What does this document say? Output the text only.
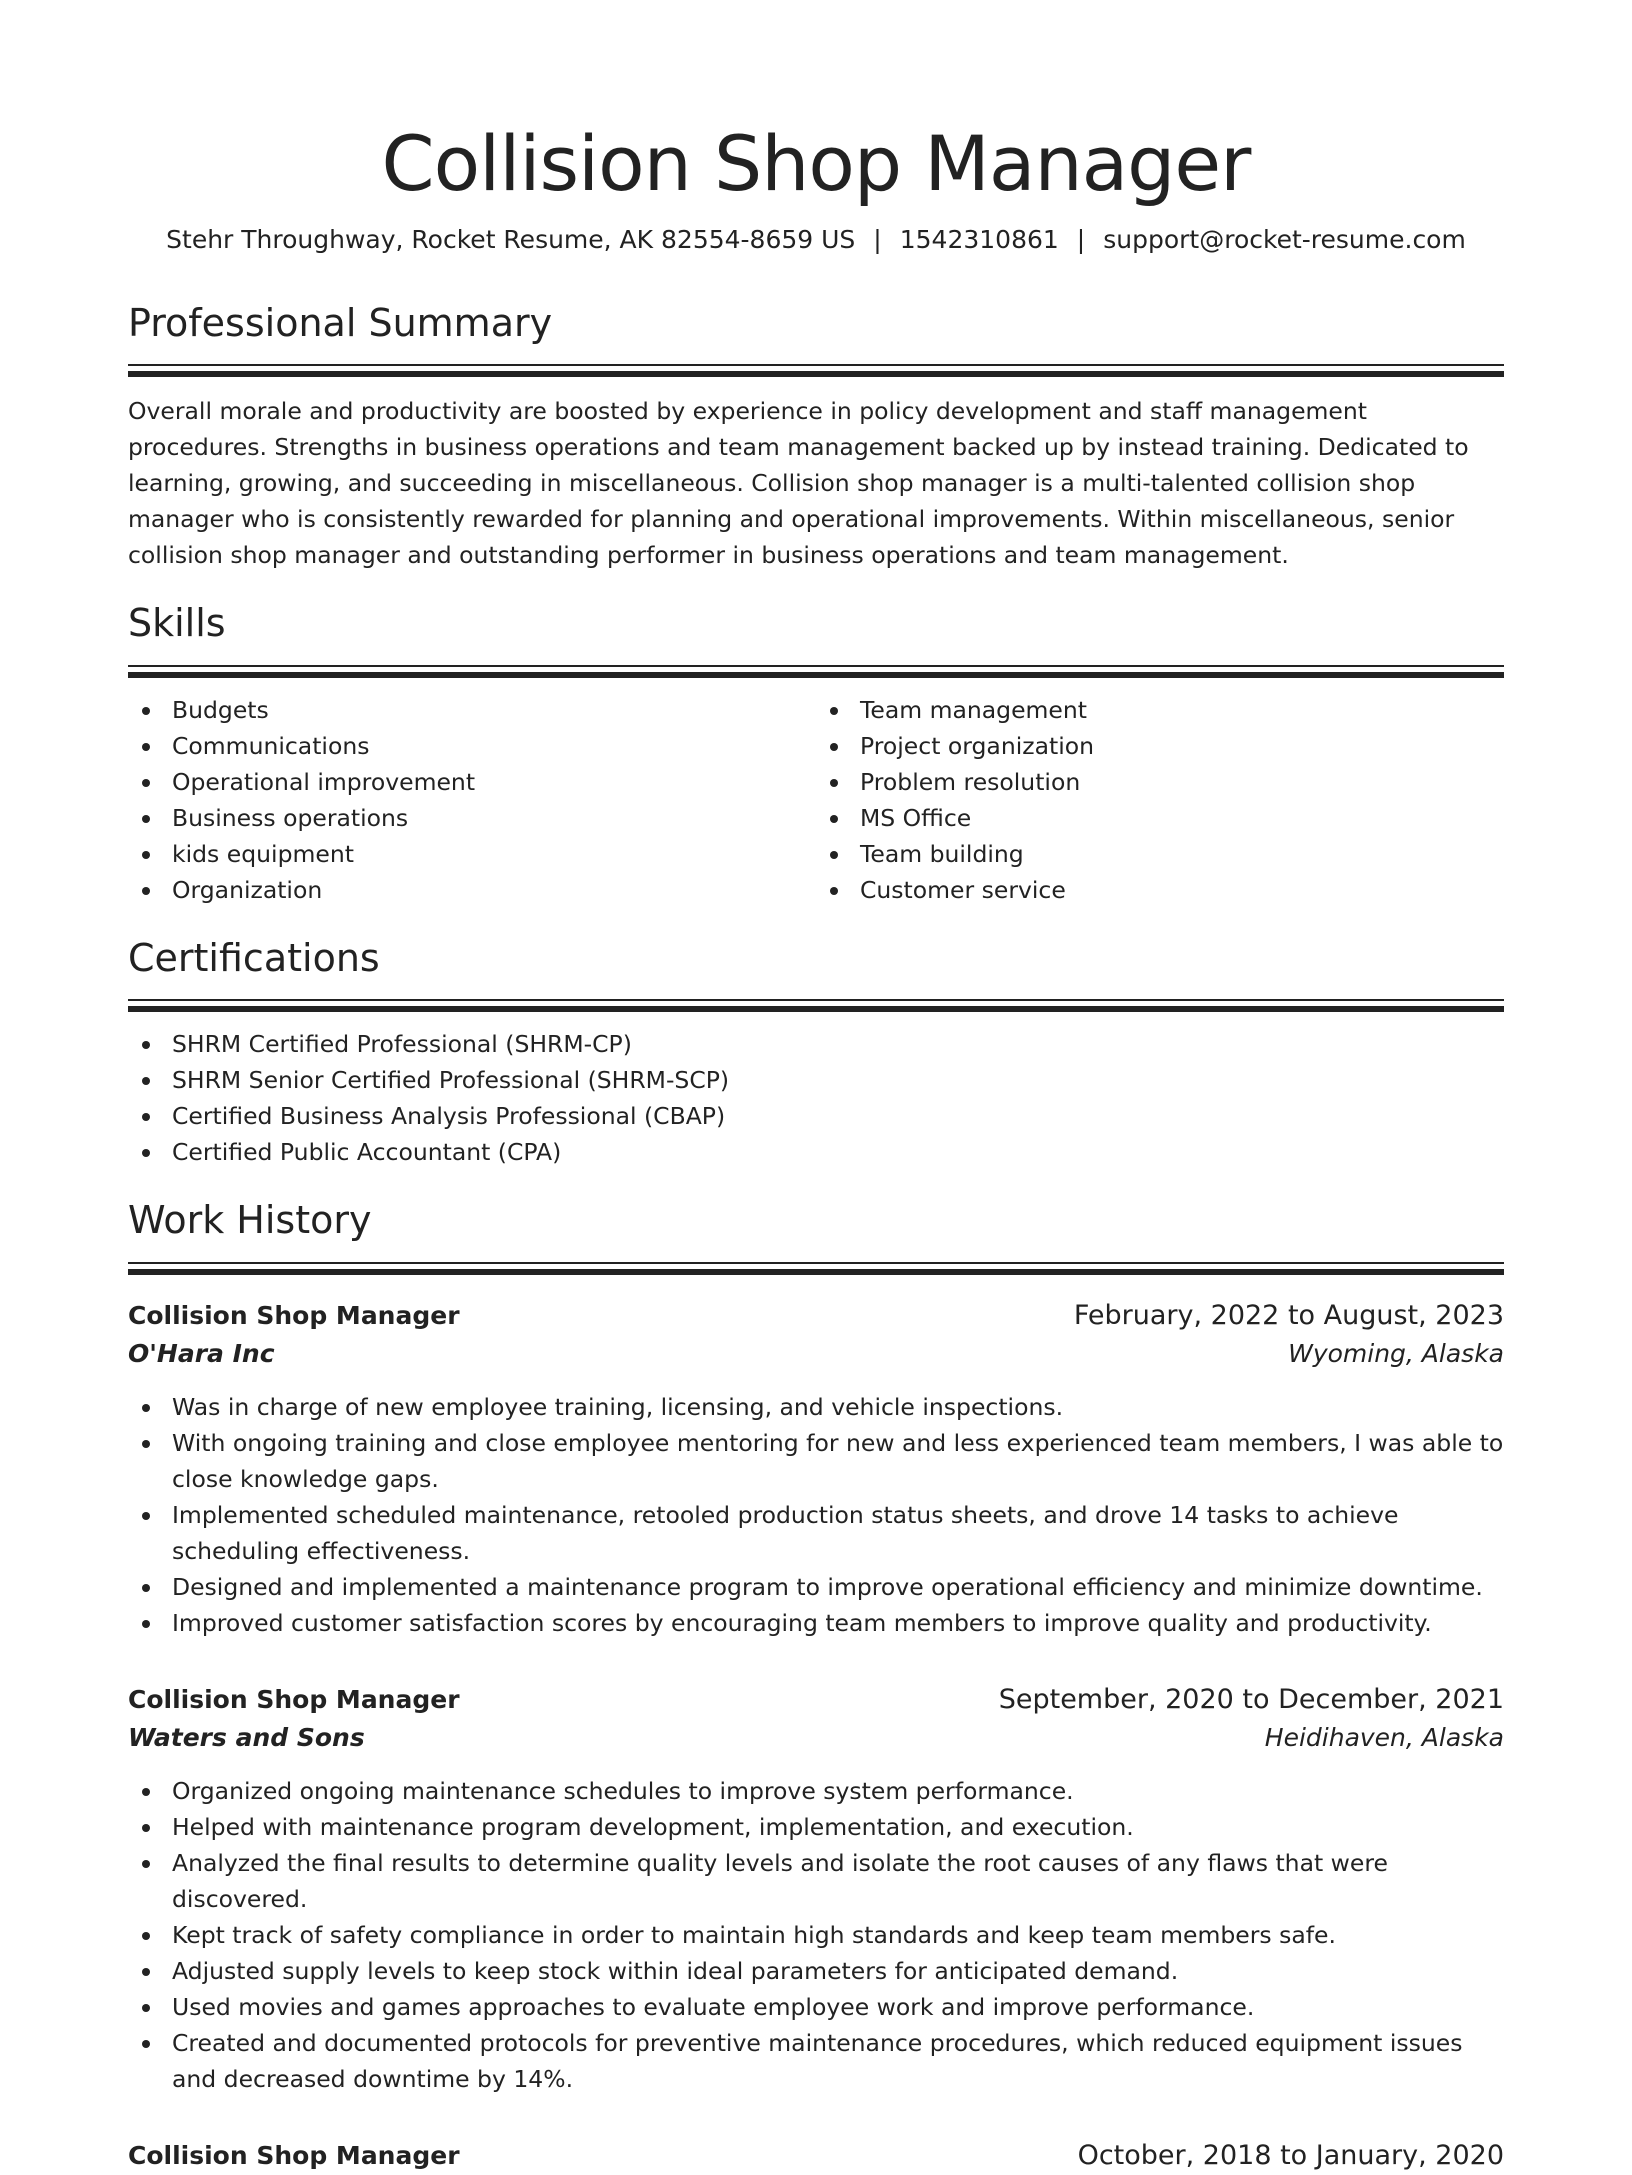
Collision Shop Manager
Stehr Throughway, Rocket Resume, AK 82554-8659 US | 1542310861 | support@rocket-resume.com
Professional Summary

Overall morale and productivity are boosted by experience in policy development and staff management procedures. Strengths in business operations and team management backed up by instead training. Dedicated to learning, growing, and succeeding in miscellaneous. Collision shop manager is a multi-talented collision shop manager who is consistently rewarded for planning and operational improvements. Within miscellaneous, senior collision shop manager and outstanding performer in business operations and team management.

Skills
Budgets
Communications
Operational improvement
Business operations
kids equipment
Organization
Team management
Project organization
Problem resolution
MS Office
Team building
Customer service
Certifications
SHRM Certified Professional (SHRM-CP)
SHRM Senior Certified Professional (SHRM-SCP)
Certified Business Analysis Professional (CBAP)
Certified Public Accountant (CPA)
Work History
Collision Shop Manager	February, 2022 to August, 2023
O'Hara Inc	Wyoming, Alaska
Was in charge of new employee training, licensing, and vehicle inspections.
With ongoing training and close employee mentoring for new and less experienced team members, I was able to close knowledge gaps.
Implemented scheduled maintenance, retooled production status sheets, and drove 14 tasks to achieve scheduling effectiveness.
Designed and implemented a maintenance program to improve operational efficiency and minimize downtime.
Improved customer satisfaction scores by encouraging team members to improve quality and productivity.
Collision Shop Manager	September, 2020 to December, 2021
Waters and Sons	Heidihaven, Alaska
Organized ongoing maintenance schedules to improve system performance.
Helped with maintenance program development, implementation, and execution.
Analyzed the final results to determine quality levels and isolate the root causes of any flaws that were discovered.
Kept track of safety compliance in order to maintain high standards and keep team members safe.
Adjusted supply levels to keep stock within ideal parameters for anticipated demand.
Used movies and games approaches to evaluate employee work and improve performance.
Created and documented protocols for preventive maintenance procedures, which reduced equipment issues and decreased downtime by 14%.
Collision Shop Manager	October, 2018 to January, 2020
